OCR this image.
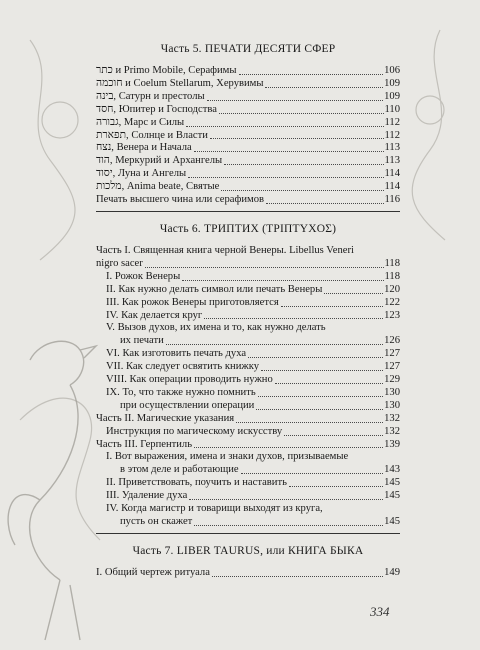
Часть 5. ПЕЧАТИ ДЕСЯТИ СФЕР
כתר и Primo Mobile, Серафимы	106
חוכמה и Coelum Stellarum, Херувимы	109
בינה, Сатурн и престолы	109
חסד, Юпитер и Господства	110
גבורה, Марс и Силы	112
תפארת, Солнце и Власти	112
נצח, Венера и Начала	113
הוד, Меркурий и Архангелы	113
יסוד, Луна и Ангелы	114
מלכות, Anima beate, Святые	114
Печать высшего чина или серафимов	116
Часть 6. ТРИПТИХ (ΤΡΙΠΤΥΧΟΣ)
Часть I. Священная книга черной Венеры. Libellus Veneri
nigro sacer	118
I. Рожок Венеры	118
II. Как нужно делать символ или печать Венеры	120
III. Как рожок Венеры приготовляется	122
IV. Как делается круг	123
V. Вызов духов, их имена и то, как нужно делать
их печати	126
VI. Как изготовить печать духа	127
VII. Как следует освятить книжку	127
VIII. Как операции проводить нужно	129
IX. То, что также нужно помнить	130
при осуществлении операции	130
Часть II. Магические указания	132
Инструкция по магическому искусству	132
Часть III. Герпентиль	139
I. Вот выражения, имена и знаки духов, призываемые
в этом деле и работающие	143
II. Приветствовать, поучить и наставить	145
III. Удаление духа	145
IV. Когда магистр и товарищи выходят из круга,
пусть он скажет	145
Часть 7. LIBER TAURUS, или КНИГА БЫКА
I. Общий чертеж ритуала	149
334
